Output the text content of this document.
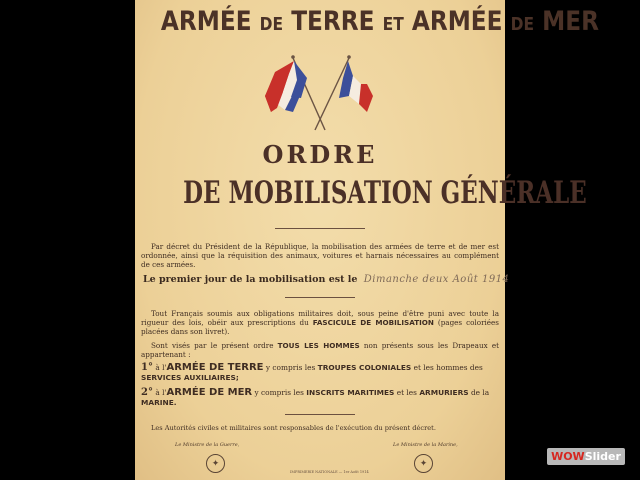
ARMÉE DE TERRE ET ARMÉE DE MER
ORDRE
DE MOBILISATION GÉNÉRALE
Par décret du Président de la République, la mobilisation des armées de terre et de mer est ordonnée, ainsi que la réquisition des animaux, voitures et harnais nécessaires au complément de ces armées.
Le premier jour de la mobilisation est le Dimanche deux Août 1914
Tout Français soumis aux obligations militaires doit, sous peine d'être puni avec toute la rigueur des lois, obéir aux prescriptions du FASCICULE DE MOBILISATION (pages coloriées placées dans son livret).
Sont visés par le présent ordre TOUS LES HOMMES non présents sous les Drapeaux et appartenant :
1° à l'ARMÉE DE TERRE y compris les TROUPES COLONIALES et les hommes des SERVICES AUXILIAIRES;
2° à l'ARMÉE DE MER y compris les INSCRITS MARITIMES et les ARMURIERS de la MARINE.
Les Autorités civiles et militaires sont responsables de l'exécution du présent décret.
Le Ministre de la Guerre,	Le Ministre de la Marine,
✦	✦
IMPRIMERIE NATIONALE — 1er Août 1914
WOW Slider
